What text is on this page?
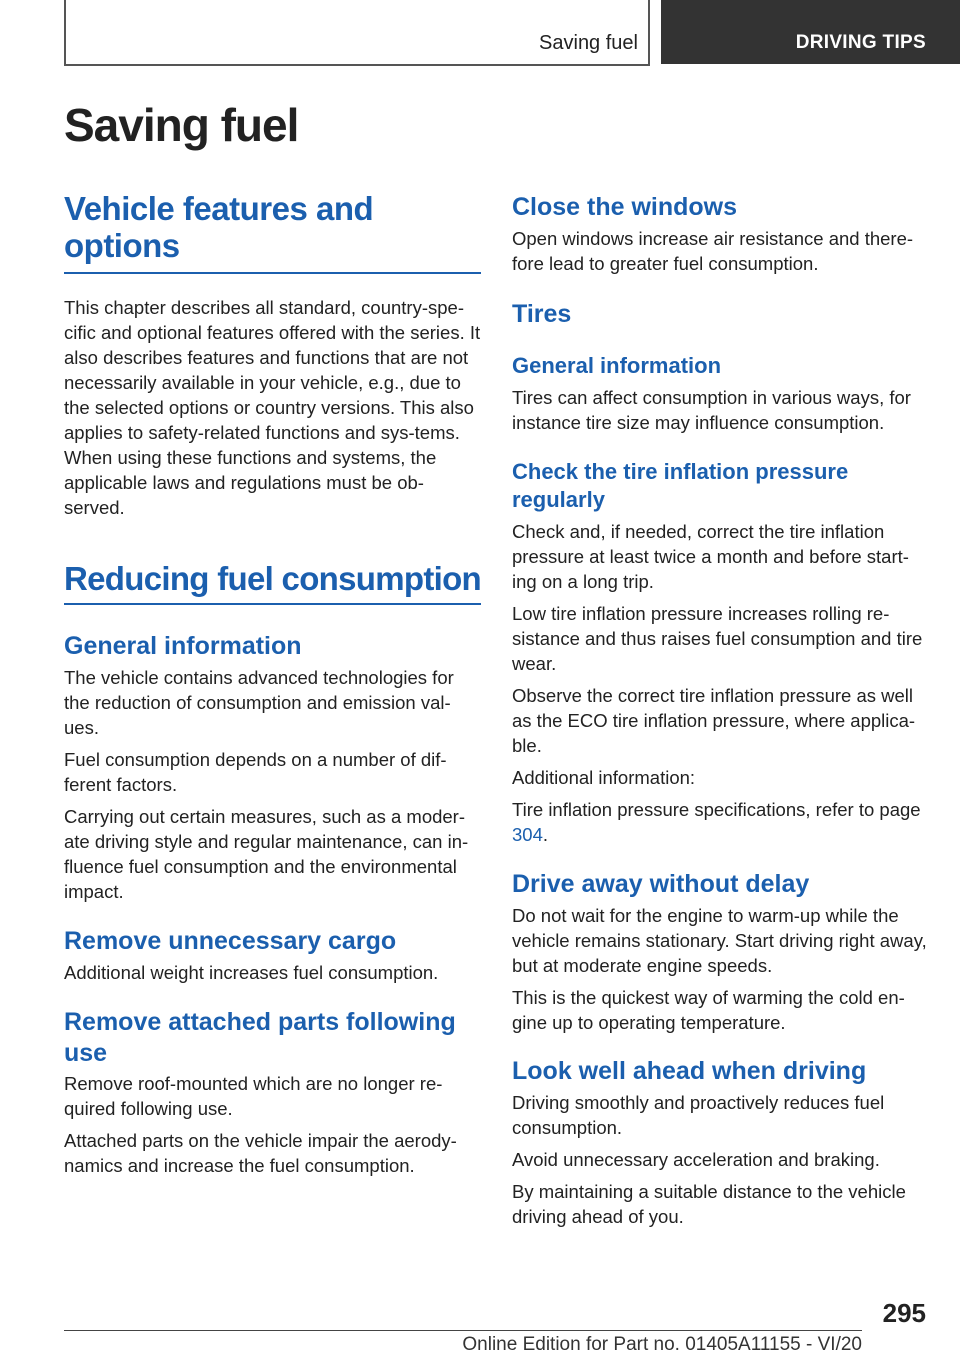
Saving fuel	DRIVING TIPS
Saving fuel
Vehicle features and options

This chapter describes all standard, country-spe-cific and optional features offered with the series. It also describes features and functions that are not necessarily available in your vehicle, e.g., due to the selected options or country versions. This also applies to safety-related functions and sys-tems. When using these functions and systems, the applicable laws and regulations must be ob-served.

Reducing fuel consumption
General information

The vehicle contains advanced technologies for the reduction of consumption and emission val-ues.

Fuel consumption depends on a number of dif-ferent factors.

Carrying out certain measures, such as a moder-ate driving style and regular maintenance, can in-fluence fuel consumption and the environmental impact.

Remove unnecessary cargo

Additional weight increases fuel consumption.

Remove attached parts following use

Remove roof-mounted which are no longer re-quired following use.

Attached parts on the vehicle impair the aerody-namics and increase the fuel consumption.

Close the windows

Open windows increase air resistance and there-fore lead to greater fuel consumption.

Tires
General information

Tires can affect consumption in various ways, for instance tire size may influence consumption.

Check the tire inflation pressure regularly

Check and, if needed, correct the tire inflation pressure at least twice a month and before start-ing on a long trip.

Low tire inflation pressure increases rolling re-sistance and thus raises fuel consumption and tire wear.

Observe the correct tire inflation pressure as well as the ECO tire inflation pressure, where applica-ble.

Additional information:

Tire inflation pressure specifications, refer to page 304.

Drive away without delay

Do not wait for the engine to warm-up while the vehicle remains stationary. Start driving right away, but at moderate engine speeds.

This is the quickest way of warming the cold en-gine up to operating temperature.

Look well ahead when driving

Driving smoothly and proactively reduces fuel consumption.

Avoid unnecessary acceleration and braking.

By maintaining a suitable distance to the vehicle driving ahead of you.

295
Online Edition for Part no. 01405A11155 - VI/20
